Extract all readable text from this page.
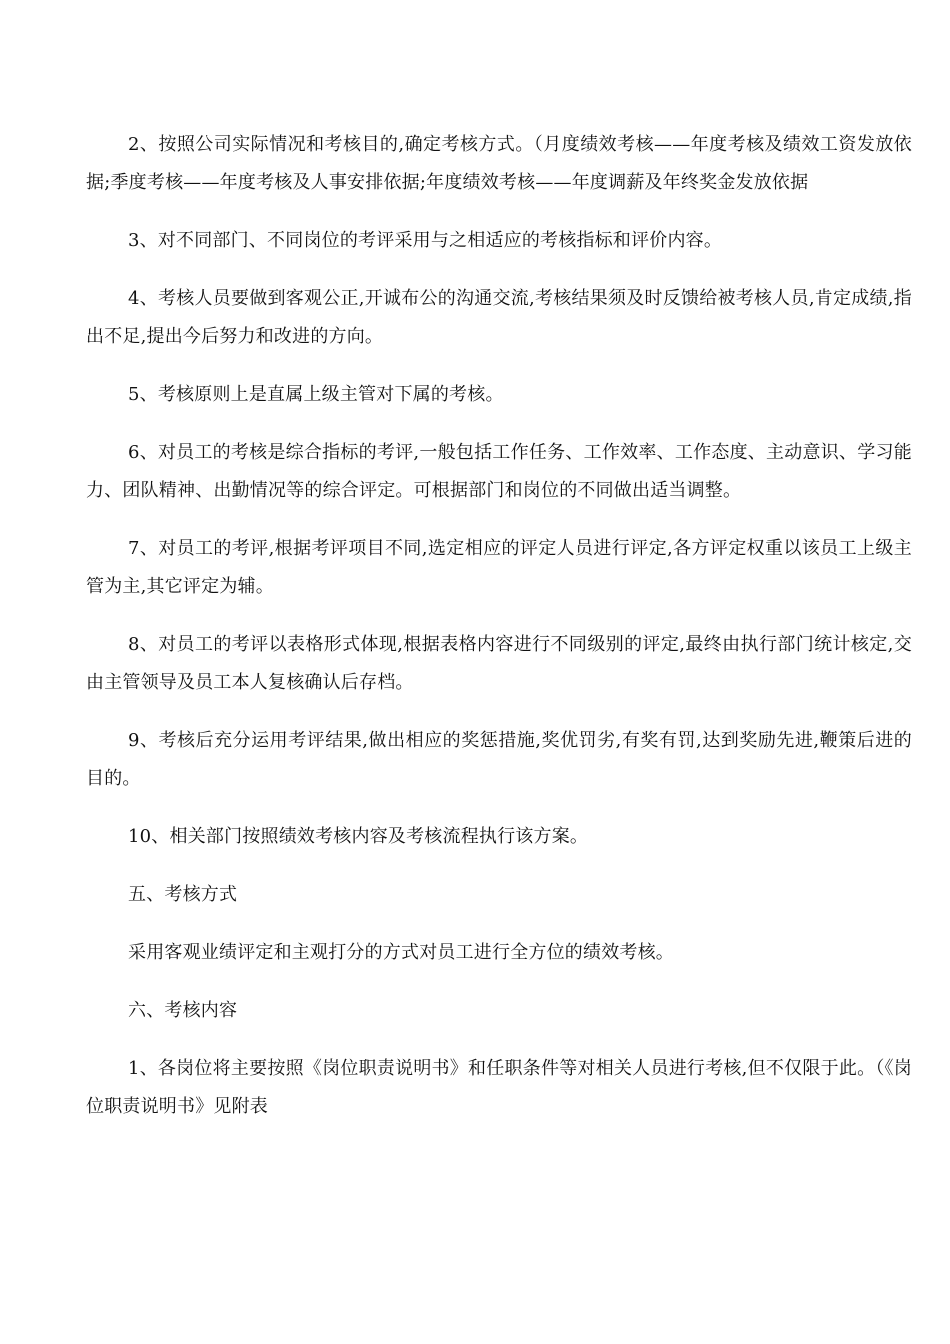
2、按照公司实际情况和考核目的,确定考核方式。（月度绩效考核——年度考核及绩效工资发放依据;季度考核——年度考核及人事安排依据;年度绩效考核——年度调薪及年终奖金发放依据

3、对不同部门、不同岗位的考评采用与之相适应的考核指标和评价内容。

4、考核人员要做到客观公正,开诚布公的沟通交流,考核结果须及时反馈给被考核人员,肯定成绩,指出不足,提出今后努力和改进的方向。

5、考核原则上是直属上级主管对下属的考核。

6、对员工的考核是综合指标的考评,一般包括工作任务、工作效率、工作态度、主动意识、学习能力、团队精神、出勤情况等的综合评定。可根据部门和岗位的不同做出适当调整。

7、对员工的考评,根据考评项目不同,选定相应的评定人员进行评定,各方评定权重以该员工上级主管为主,其它评定为辅。

8、对员工的考评以表格形式体现,根据表格内容进行不同级别的评定,最终由执行部门统计核定,交由主管领导及员工本人复核确认后存档。

9、考核后充分运用考评结果,做出相应的奖惩措施,奖优罚劣,有奖有罚,达到奖励先进,鞭策后进的目的。

10、相关部门按照绩效考核内容及考核流程执行该方案。

五、考核方式

采用客观业绩评定和主观打分的方式对员工进行全方位的绩效考核。

六、考核内容

1、各岗位将主要按照《岗位职责说明书》和任职条件等对相关人员进行考核,但不仅限于此。（《岗位职责说明书》见附表
